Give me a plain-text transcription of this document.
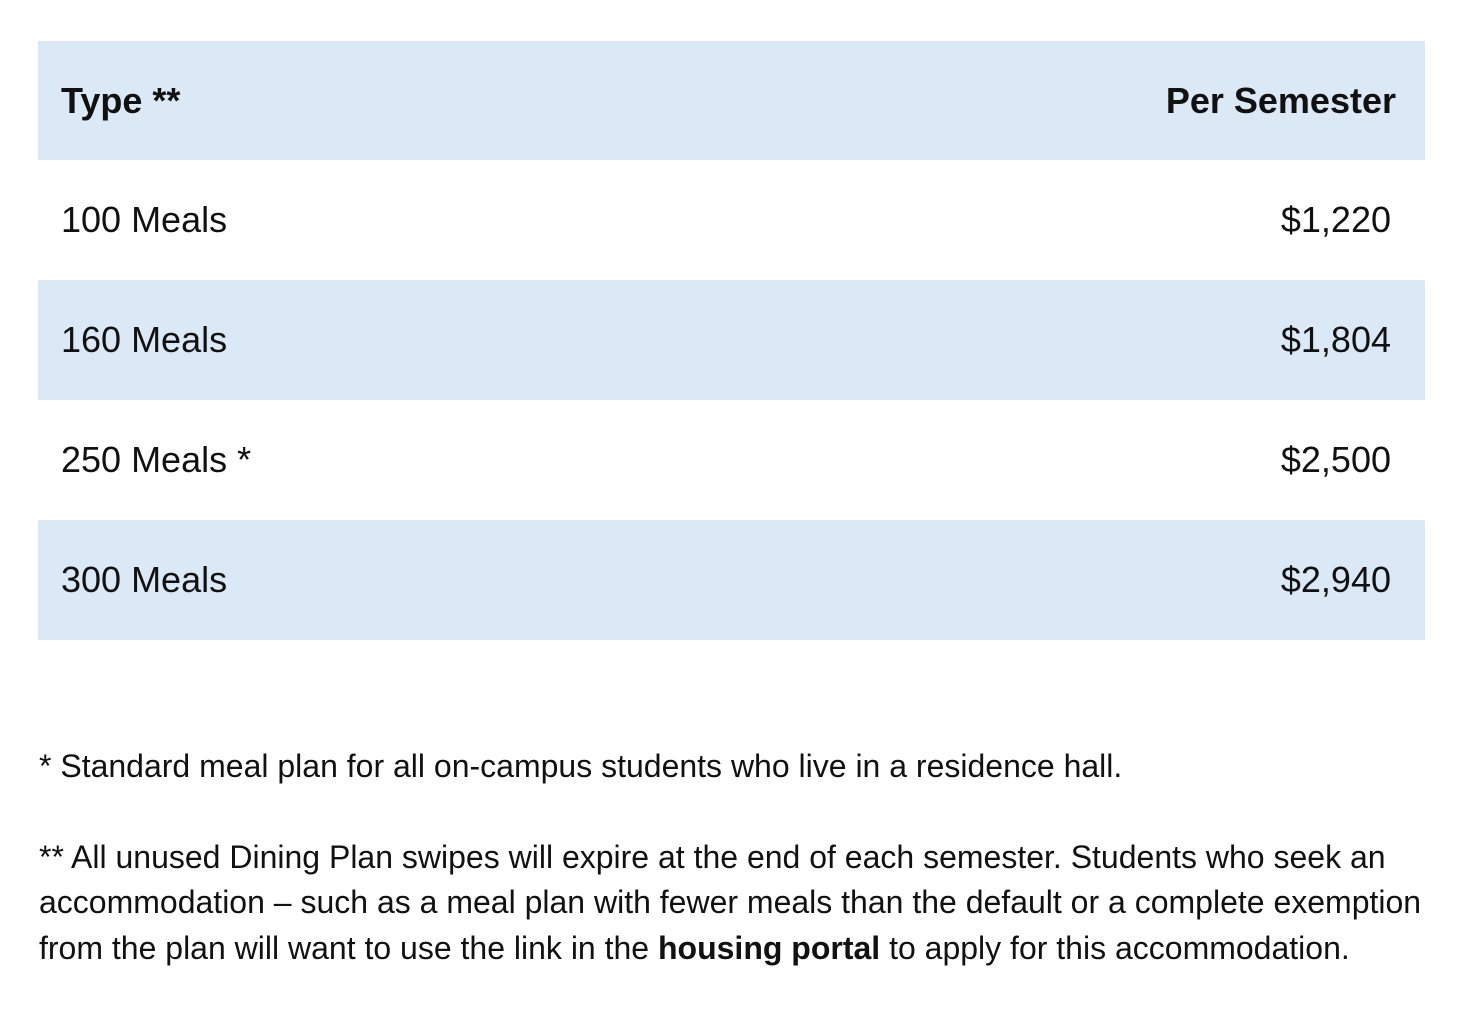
Type **	Per Semester
100 Meals	$1,220
160 Meals	$1,804
250 Meals *	$2,500
300 Meals	$2,940

* Standard meal plan for all on-campus students who live in a residence hall.

** All unused Dining Plan swipes will expire at the end of each semester. Students who seek an accommodation – such as a meal plan with fewer meals than the default or a complete exemption from the plan will want to use the link in the housing portal to apply for this accommodation.
